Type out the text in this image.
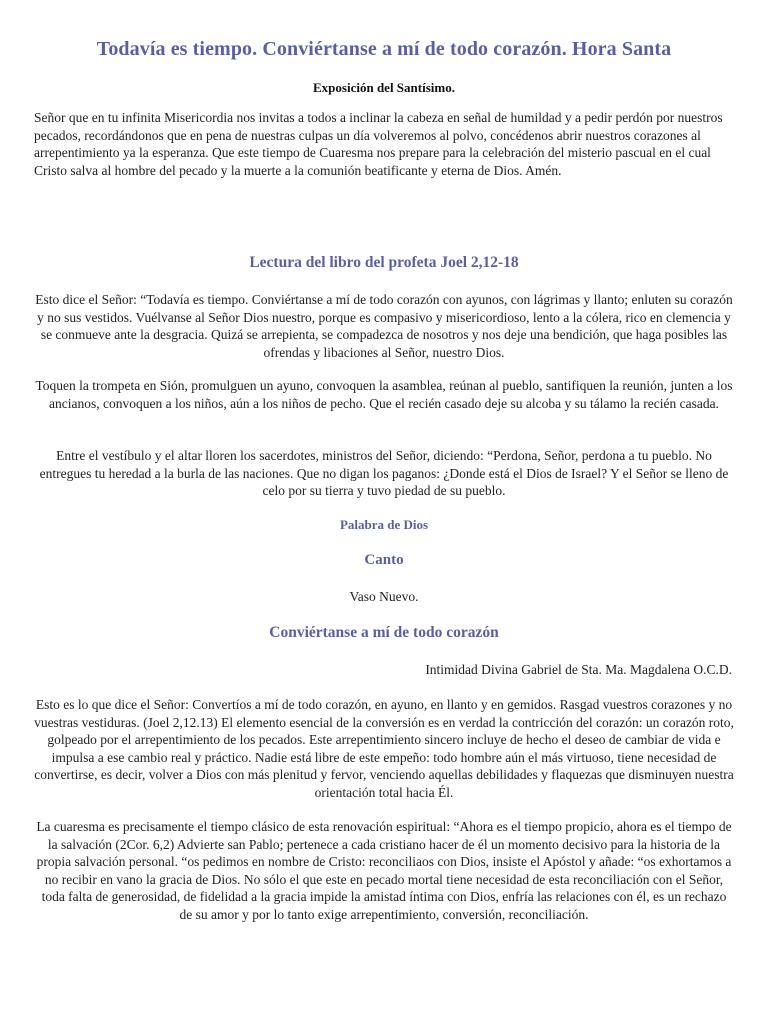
Todavía es tiempo. Conviértanse a mí de todo corazón. Hora Santa
Exposición del Santísimo.
Señor que en tu infinita Misericordia nos invitas a todos a inclinar la cabeza en señal de humildad y a pedir perdón por nuestros pecados, recordándonos que en pena de nuestras culpas un día volveremos al polvo, concédenos abrir nuestros corazones al arrepentimiento ya la esperanza. Que este tiempo de Cuaresma nos prepare para la celebración del misterio pascual en el cual Cristo salva al hombre del pecado y la muerte a la comunión beatificante y eterna de Dios. Amén.
Lectura del libro del profeta Joel 2,12-18
Esto dice el Señor: “Todavía es tiempo. Conviértanse a mí de todo corazón con ayunos, con lágrimas y llanto; enluten su corazón y no sus vestidos. Vuélvanse al Señor Dios nuestro, porque es compasivo y misericordioso, lento a la cólera, rico en clemencia y se conmueve ante la desgracia. Quizá se arrepienta, se compadezca de nosotros y nos deje una bendición, que haga posibles las ofrendas y libaciones al Señor, nuestro Dios.
Toquen la trompeta en Sión, promulguen un ayuno, convoquen la asamblea, reúnan al pueblo, santifiquen la reunión, junten a los ancianos, convoquen a los niños, aún a los niños de pecho. Que el recién casado deje su alcoba y su tálamo la recién casada.
Entre el vestíbulo y el altar lloren los sacerdotes, ministros del Señor, diciendo: “Perdona, Señor, perdona a tu pueblo. No entregues tu heredad a la burla de las naciones. Que no digan los paganos: ¿Donde está el Dios de Israel? Y el Señor se lleno de celo por su tierra y tuvo piedad de su pueblo.
Palabra de Dios
Canto
Vaso Nuevo.
Conviértanse a mí de todo corazón
Intimidad Divina Gabriel de Sta. Ma. Magdalena O.C.D.
Esto es lo que dice el Señor: Convertíos a mí de todo corazón, en ayuno, en llanto y en gemidos. Rasgad vuestros corazones y no vuestras vestiduras. (Joel 2,12.13) El elemento esencial de la conversión es en verdad la contricción del corazón: un corazón roto, golpeado por el arrepentimiento de los pecados. Este arrepentimiento sincero incluye de hecho el deseo de cambiar de vida e impulsa a ese cambio real y práctico. Nadie está libre de este empeño: todo hombre aún el más virtuoso, tiene necesidad de convertirse, es decir, volver a Dios con más plenitud y fervor, venciendo aquellas debilidades y flaquezas que disminuyen nuestra orientación total hacia Él.
La cuaresma es precisamente el tiempo clásico de esta renovación espiritual: “Ahora es el tiempo propicio, ahora es el tiempo de la salvación (2Cor. 6,2) Advierte san Pablo; pertenece a cada cristiano hacer de él un momento decisivo para la historia de la propia salvación personal. “os pedimos en nombre de Cristo: reconciliaos con Dios, insiste el Apóstol y añade: “os exhortamos a no recibir en vano la gracia de Dios. No sólo el que este en pecado mortal tiene necesidad de esta reconciliación con el Señor, toda falta de generosidad, de fidelidad a la gracia impide la amistad íntima con Dios, enfría las relaciones con él, es un rechazo de su amor y por lo tanto exige arrepentimiento, conversión, reconciliación.
